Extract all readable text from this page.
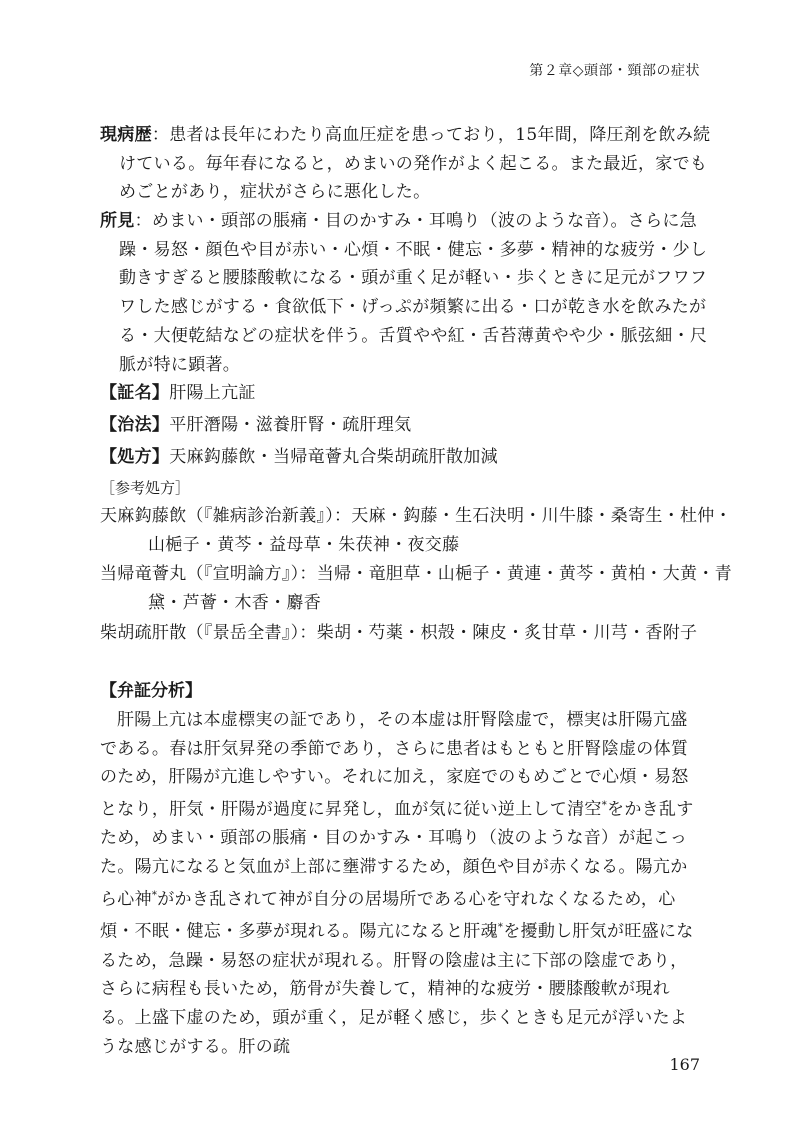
第２章◇頭部・頸部の症状
現病歴：患者は長年にわたり高血圧症を患っており，15年間，降圧剤を飲み続けている。毎年春になると，めまいの発作がよく起こる。また最近，家でもめごとがあり，症状がさらに悪化した。
所見：めまい・頭部の脹痛・目のかすみ・耳鳴り（波のような音）。さらに急躁・易怒・顔色や目が赤い・心煩・不眠・健忘・多夢・精神的な疲労・少し動きすぎると腰膝酸軟になる・頭が重く足が軽い・歩くときに足元がフワフワした感じがする・食欲低下・げっぷが頻繁に出る・口が乾き水を飲みたがる・大便乾結などの症状を伴う。舌質やや紅・舌苔薄黄やや少・脈弦細・尺脈が特に顕著。
【証名】肝陽上亢証
【治法】平肝潛陽・滋養肝腎・疏肝理気
【処方】天麻鈎藤飲・当帰竜薈丸合柴胡疏肝散加減
［参考処方］
天麻鈎藤飲（『雑病診治新義』）：天麻・鈎藤・生石決明・川牛膝・桑寄生・杜仲・山梔子・黄芩・益母草・朱茯神・夜交藤
当帰竜薈丸（『宣明論方』）：当帰・竜胆草・山梔子・黄連・黄芩・黄柏・大黄・青黛・芦薈・木香・麝香
柴胡疏肝散（『景岳全書』）：柴胡・芍薬・枳殻・陳皮・炙甘草・川芎・香附子
【弁証分析】
肝陽上亢は本虚標実の証であり，その本虚は肝腎陰虚で，標実は肝陽亢盛である。春は肝気昇発の季節であり，さらに患者はもともと肝腎陰虚の体質のため，肝陽が亢進しやすい。それに加え，家庭でのもめごとで心煩・易怒となり，肝気・肝陽が過度に昇発し，血が気に従い逆上して清空*をかき乱すため，めまい・頭部の脹痛・目のかすみ・耳鳴り（波のような音）が起こった。陽亢になると気血が上部に壅滞するため，顔色や目が赤くなる。陽亢から心神*がかき乱されて神が自分の居場所である心を守れなくなるため，心煩・不眠・健忘・多夢が現れる。陽亢になると肝魂*を擾動し肝気が旺盛になるため，急躁・易怒の症状が現れる。肝腎の陰虚は主に下部の陰虚であり，さらに病程も長いため，筋骨が失養して，精神的な疲労・腰膝酸軟が現れる。上盛下虚のため，頭が重く，足が軽く感じ，歩くときも足元が浮いたような感じがする。肝の疏
167
